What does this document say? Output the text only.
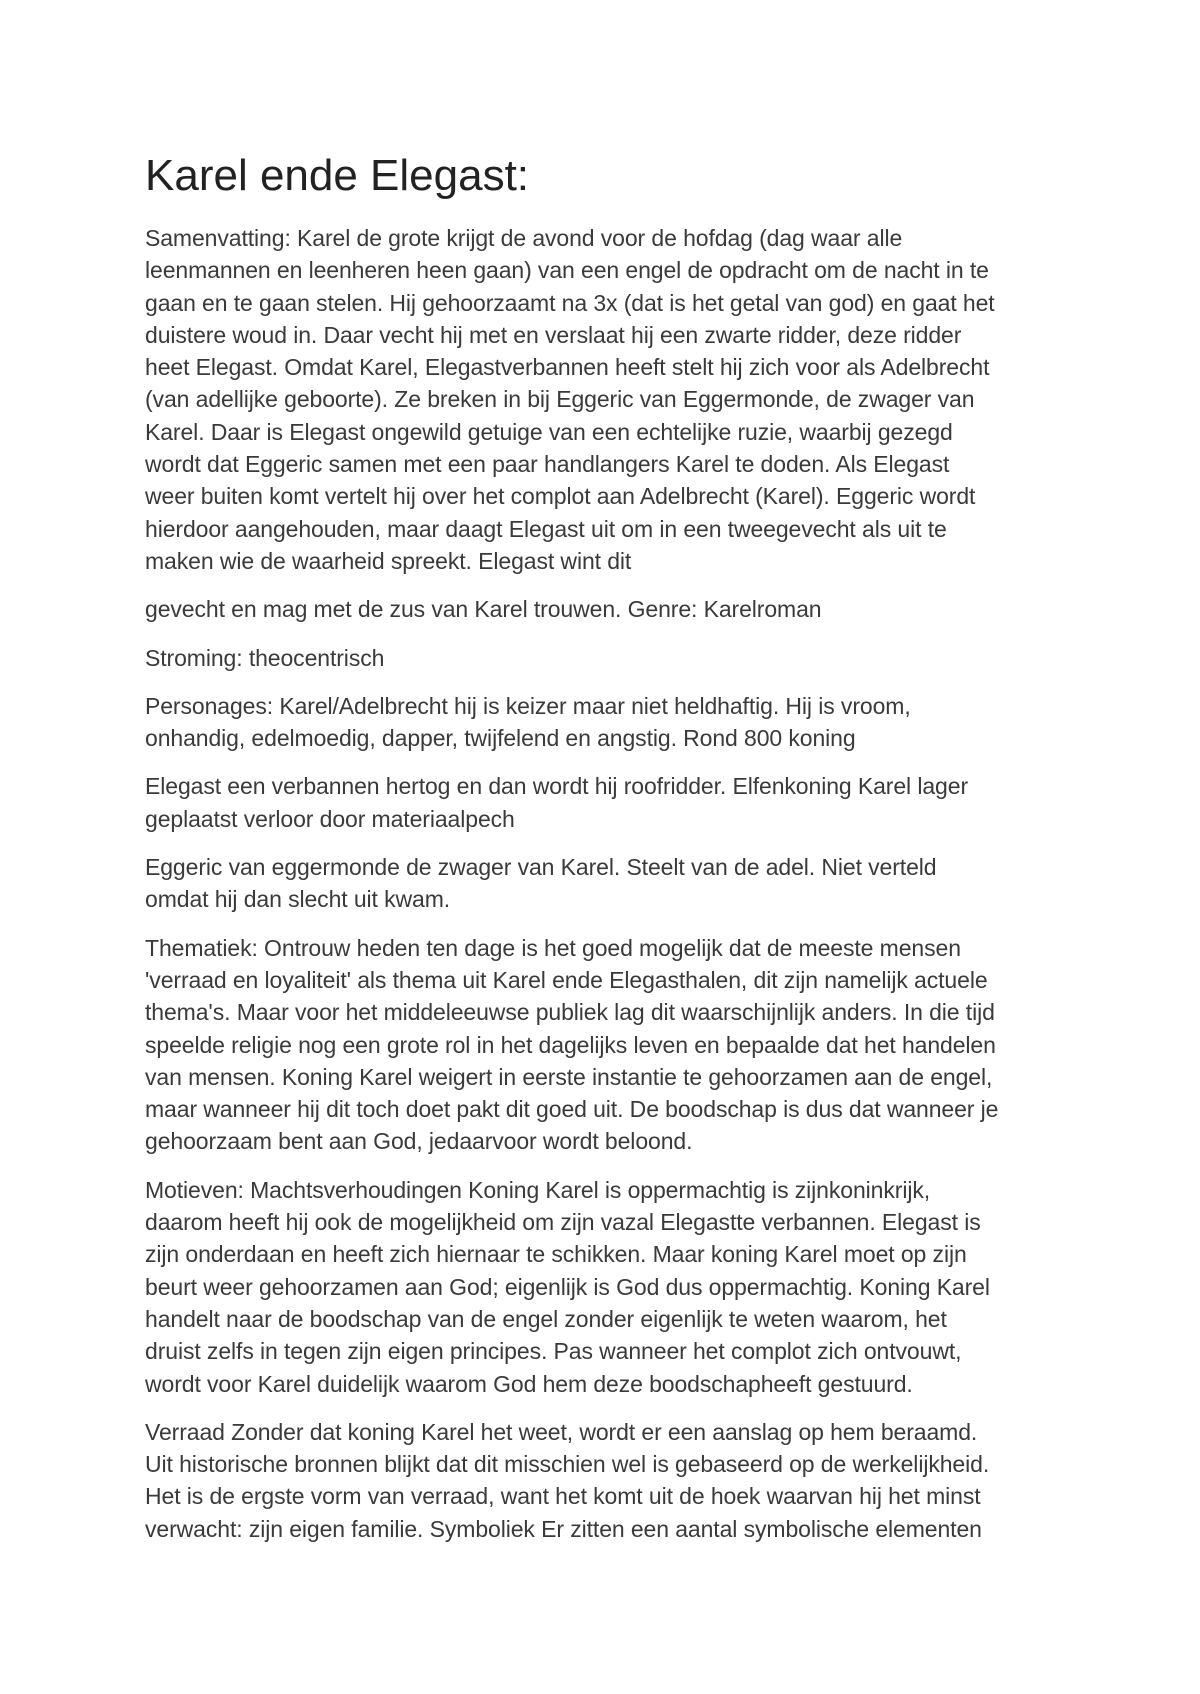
Karel ende Elegast:

Samenvatting: Karel de grote krijgt de avond voor de hofdag (dag waar alle
leenmannen en leenheren heen gaan) van een engel de opdracht om de nacht in te
gaan en te gaan stelen. Hij gehoorzaamt na 3x (dat is het getal van god) en gaat het
duistere woud in. Daar vecht hij met en verslaat hij een zwarte ridder, deze ridder
heet Elegast. Omdat Karel, Elegastverbannen heeft stelt hij zich voor als Adelbrecht
(van adellijke geboorte). Ze breken in bij Eggeric van Eggermonde, de zwager van
Karel. Daar is Elegast ongewild getuige van een echtelijke ruzie, waarbij gezegd
wordt dat Eggeric samen met een paar handlangers Karel te doden. Als Elegast
weer buiten komt vertelt hij over het complot aan Adelbrecht (Karel). Eggeric wordt
hierdoor aangehouden, maar daagt Elegast uit om in een tweegevecht als uit te
maken wie de waarheid spreekt. Elegast wint dit

gevecht en mag met de zus van Karel trouwen. Genre: Karelroman

Stroming: theocentrisch

Personages: Karel/Adelbrecht hij is keizer maar niet heldhaftig. Hij is vroom,
onhandig, edelmoedig, dapper, twijfelend en angstig. Rond 800 koning

Elegast een verbannen hertog en dan wordt hij roofridder. Elfenkoning Karel lager
geplaatst verloor door materiaalpech

Eggeric van eggermonde de zwager van Karel. Steelt van de adel. Niet verteld
omdat hij dan slecht uit kwam.

Thematiek: Ontrouw heden ten dage is het goed mogelijk dat de meeste mensen
'verraad en loyaliteit' als thema uit Karel ende Elegasthalen, dit zijn namelijk actuele
thema's. Maar voor het middeleeuwse publiek lag dit waarschijnlijk anders. In die tijd
speelde religie nog een grote rol in het dagelijks leven en bepaalde dat het handelen
van mensen. Koning Karel weigert in eerste instantie te gehoorzamen aan de engel,
maar wanneer hij dit toch doet pakt dit goed uit. De boodschap is dus dat wanneer je
gehoorzaam bent aan God, jedaarvoor wordt beloond.

Motieven: Machtsverhoudingen Koning Karel is oppermachtig is zijnkoninkrijk,
daarom heeft hij ook de mogelijkheid om zijn vazal Elegastte verbannen. Elegast is
zijn onderdaan en heeft zich hiernaar te schikken. Maar koning Karel moet op zijn
beurt weer gehoorzamen aan God; eigenlijk is God dus oppermachtig. Koning Karel
handelt naar de boodschap van de engel zonder eigenlijk te weten waarom, het
druist zelfs in tegen zijn eigen principes. Pas wanneer het complot zich ontvouwt,
wordt voor Karel duidelijk waarom God hem deze boodschapheeft gestuurd.

Verraad Zonder dat koning Karel het weet, wordt er een aanslag op hem beraamd.
Uit historische bronnen blijkt dat dit misschien wel is gebaseerd op de werkelijkheid.
Het is de ergste vorm van verraad, want het komt uit de hoek waarvan hij het minst
verwacht: zijn eigen familie. Symboliek Er zitten een aantal symbolische elementen
